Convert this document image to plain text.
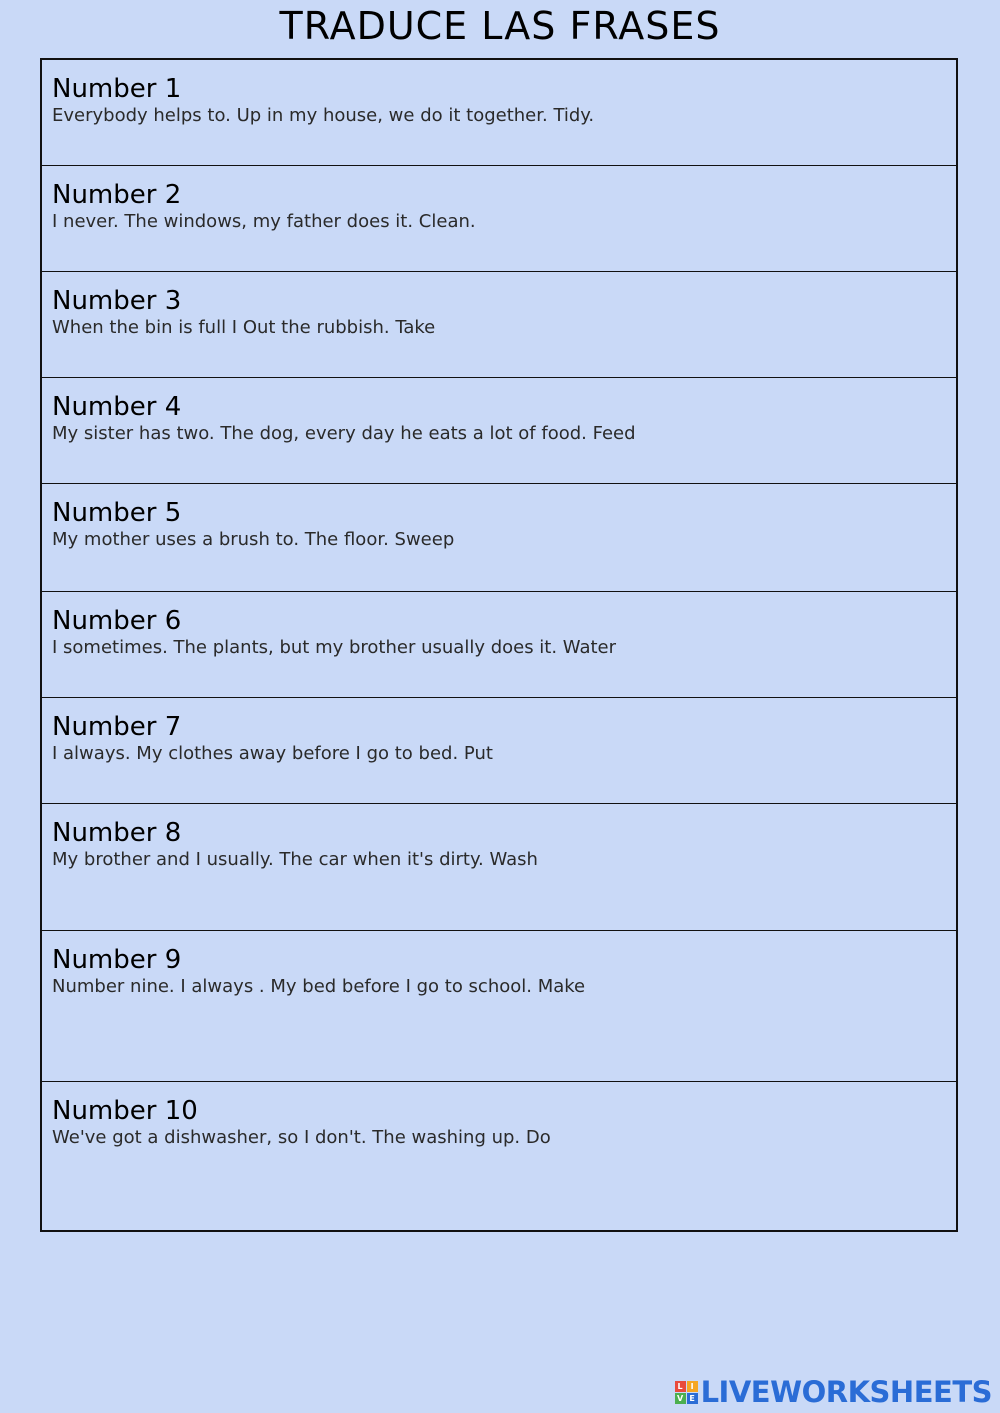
TRADUCE LAS FRASES
Number 1
Everybody helps to. Up in my house, we do it together. Tidy.
Number 2
I never. The windows, my father does it. Clean.
Number 3
When the bin is full I Out the rubbish. Take
Number 4
My sister has two. The dog, every day he eats a lot of food. Feed
Number 5
My mother uses a brush to. The floor. Sweep
Number 6
I sometimes. The plants, but my brother usually does it. Water
Number 7
I always. My clothes away before I go to bed. Put
Number 8
My brother and I usually. The car when it's dirty. Wash
Number 9
Number nine. I always . My bed before I go to school. Make
Number 10
We've got a dishwasher, so I don't. The washing up. Do
L I
V E LIVEWORKSHEETS
